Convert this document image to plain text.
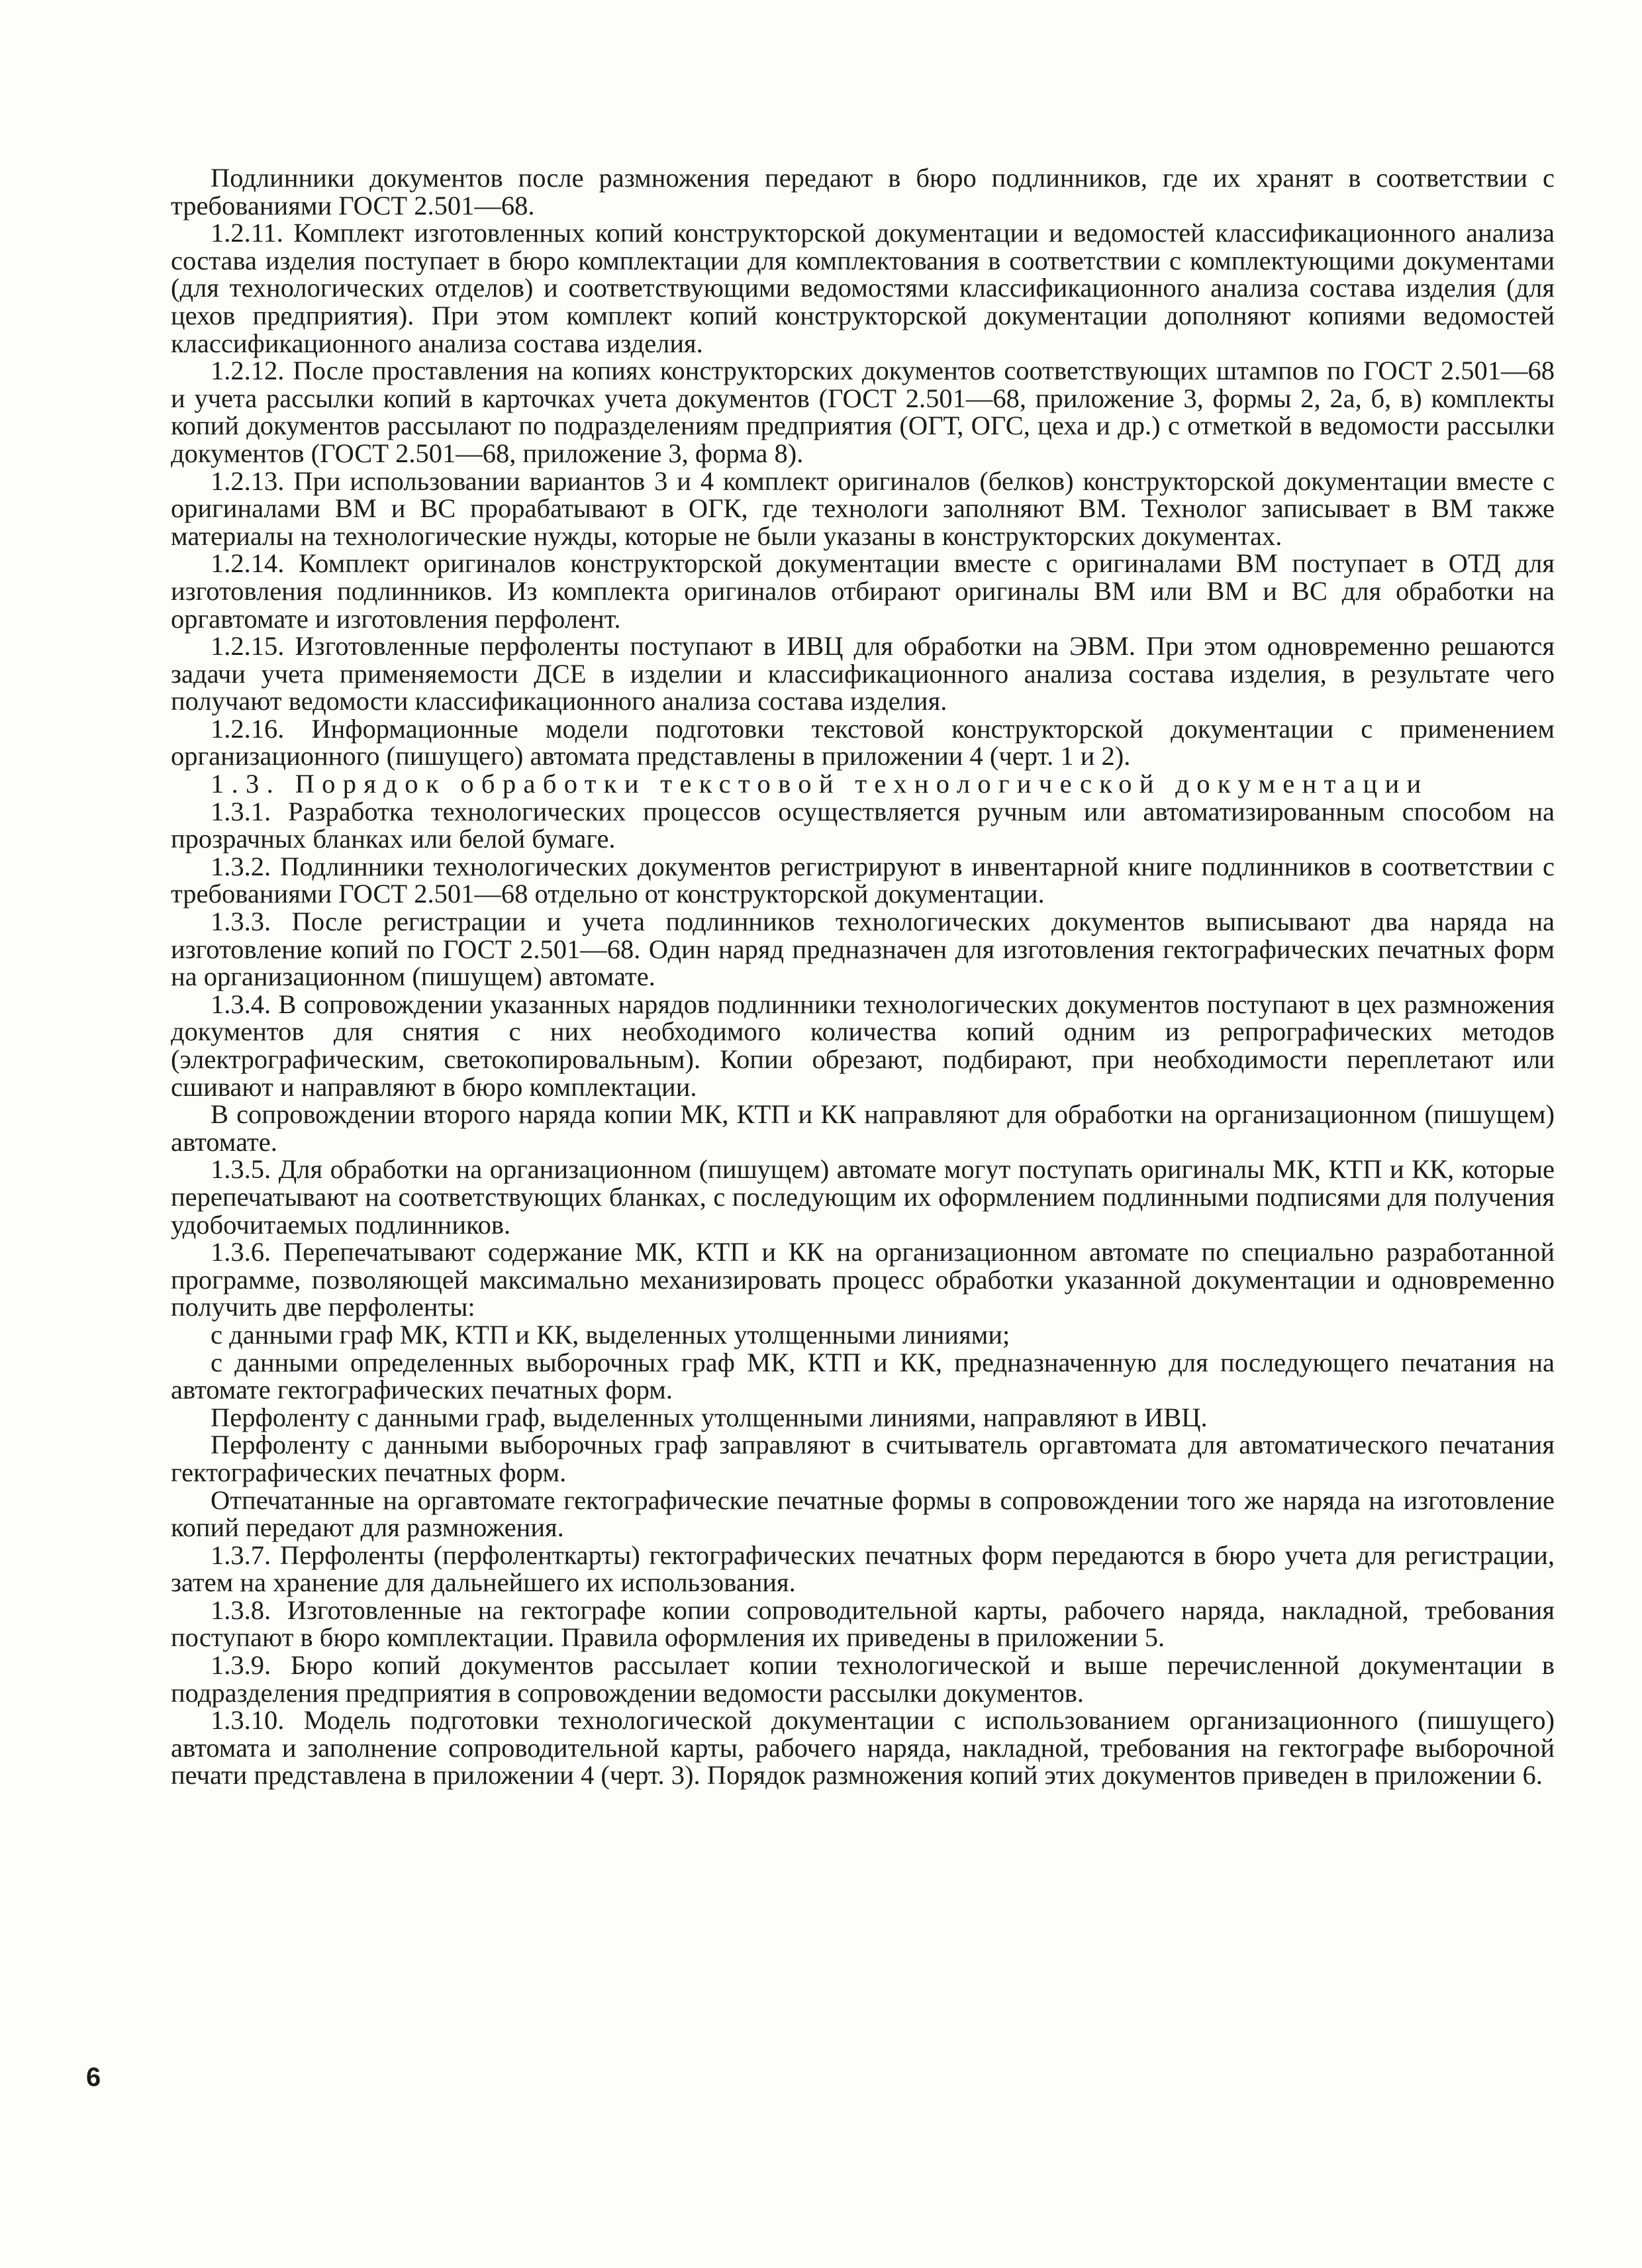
Подлинники документов после размножения передают в бюро подлинников, где их хранят в соответствии с требованиями ГОСТ 2.501—68.

1.2.11. Комплект изготовленных копий конструкторской документации и ведомостей классификационного анализа состава изделия поступает в бюро комплектации для комплектования в соответствии с комплектующими документами (для технологических отделов) и соответствующими ведомостями классификационного анализа состава изделия (для цехов предприятия). При этом комплект копий конструкторской документации дополняют копиями ведомостей классификационного анализа состава изделия.

1.2.12. После проставления на копиях конструкторских документов соответствующих штампов по ГОСТ 2.501—68 и учета рассылки копий в карточках учета документов (ГОСТ 2.501—68, приложение 3, формы 2, 2а, б, в) комплекты копий документов рассылают по подразделениям предприятия (ОГТ, ОГС, цеха и др.) с отметкой в ведомости рассылки документов (ГОСТ 2.501—68, приложение 3, форма 8).

1.2.13. При использовании вариантов 3 и 4 комплект оригиналов (белков) конструкторской документации вместе с оригиналами ВМ и ВС прорабатывают в ОГК, где технологи заполняют ВМ. Технолог записывает в ВМ также материалы на технологические нужды, которые не были указаны в конструкторских документах.

1.2.14. Комплект оригиналов конструкторской документации вместе с оригиналами ВМ поступает в ОТД для изготовления подлинников. Из комплекта оригиналов отбирают оригиналы ВМ или ВМ и ВС для обработки на оргавтомате и изготовления перфолент.

1.2.15. Изготовленные перфоленты поступают в ИВЦ для обработки на ЭВМ. При этом одновременно решаются задачи учета применяемости ДСЕ в изделии и классификационного анализа состава изделия, в результате чего получают ведомости классификационного анализа состава изделия.

1.2.16. Информационные модели подготовки текстовой конструкторской документации с применением организационного (пишущего) автомата представлены в приложении 4 (черт. 1 и 2).

1.3. Порядок обработки текстовой технологической документации

1.3.1. Разработка технологических процессов осуществляется ручным или автоматизированным способом на прозрачных бланках или белой бумаге.

1.3.2. Подлинники технологических документов регистрируют в инвентарной книге подлинников в соответствии с требованиями ГОСТ 2.501—68 отдельно от конструкторской документации.

1.3.3. После регистрации и учета подлинников технологических документов выписывают два наряда на изготовление копий по ГОСТ 2.501—68. Один наряд предназначен для изготовления гектографических печатных форм на организационном (пишущем) автомате.

1.3.4. В сопровождении указанных нарядов подлинники технологических документов поступают в цех размножения документов для снятия с них необходимого количества копий одним из репрографических методов (электрографическим, светокопировальным). Копии обрезают, подбирают, при необходимости переплетают или сшивают и направляют в бюро комплектации.

В сопровождении второго наряда копии МК, КТП и КК направляют для обработки на организационном (пишущем) автомате.

1.3.5. Для обработки на организационном (пишущем) автомате могут поступать оригиналы МК, КТП и КК, которые перепечатывают на соответствующих бланках, с последующим их оформлением подлинными подписями для получения удобочитаемых подлинников.

1.3.6. Перепечатывают содержание МК, КТП и КК на организационном автомате по специально разработанной программе, позволяющей максимально механизировать процесс обработки указанной документации и одновременно получить две перфоленты:

с данными граф МК, КТП и КК, выделенных утолщенными линиями;

с данными определенных выборочных граф МК, КТП и КК, предназначенную для последующего печатания на автомате гектографических печатных форм.

Перфоленту с данными граф, выделенных утолщенными линиями, направляют в ИВЦ.

Перфоленту с данными выборочных граф заправляют в считыватель оргавтомата для автоматического печатания гектографических печатных форм.

Отпечатанные на оргавтомате гектографические печатные формы в сопровождении того же наряда на изготовление копий передают для размножения.

1.3.7. Перфоленты (перфоленткарты) гектографических печатных форм передаются в бюро учета для регистрации, затем на хранение для дальнейшего их использования.

1.3.8. Изготовленные на гектографе копии сопроводительной карты, рабочего наряда, накладной, требования поступают в бюро комплектации. Правила оформления их приведены в приложении 5.

1.3.9. Бюро копий документов рассылает копии технологической и выше перечисленной документации в подразделения предприятия в сопровождении ведомости рассылки документов.

1.3.10. Модель подготовки технологической документации с использованием организационного (пишущего) автомата и заполнение сопроводительной карты, рабочего наряда, накладной, требования на гектографе выборочной печати представлена в приложении 4 (черт. 3). Порядок размножения копий этих документов приведен в приложении 6.

6
